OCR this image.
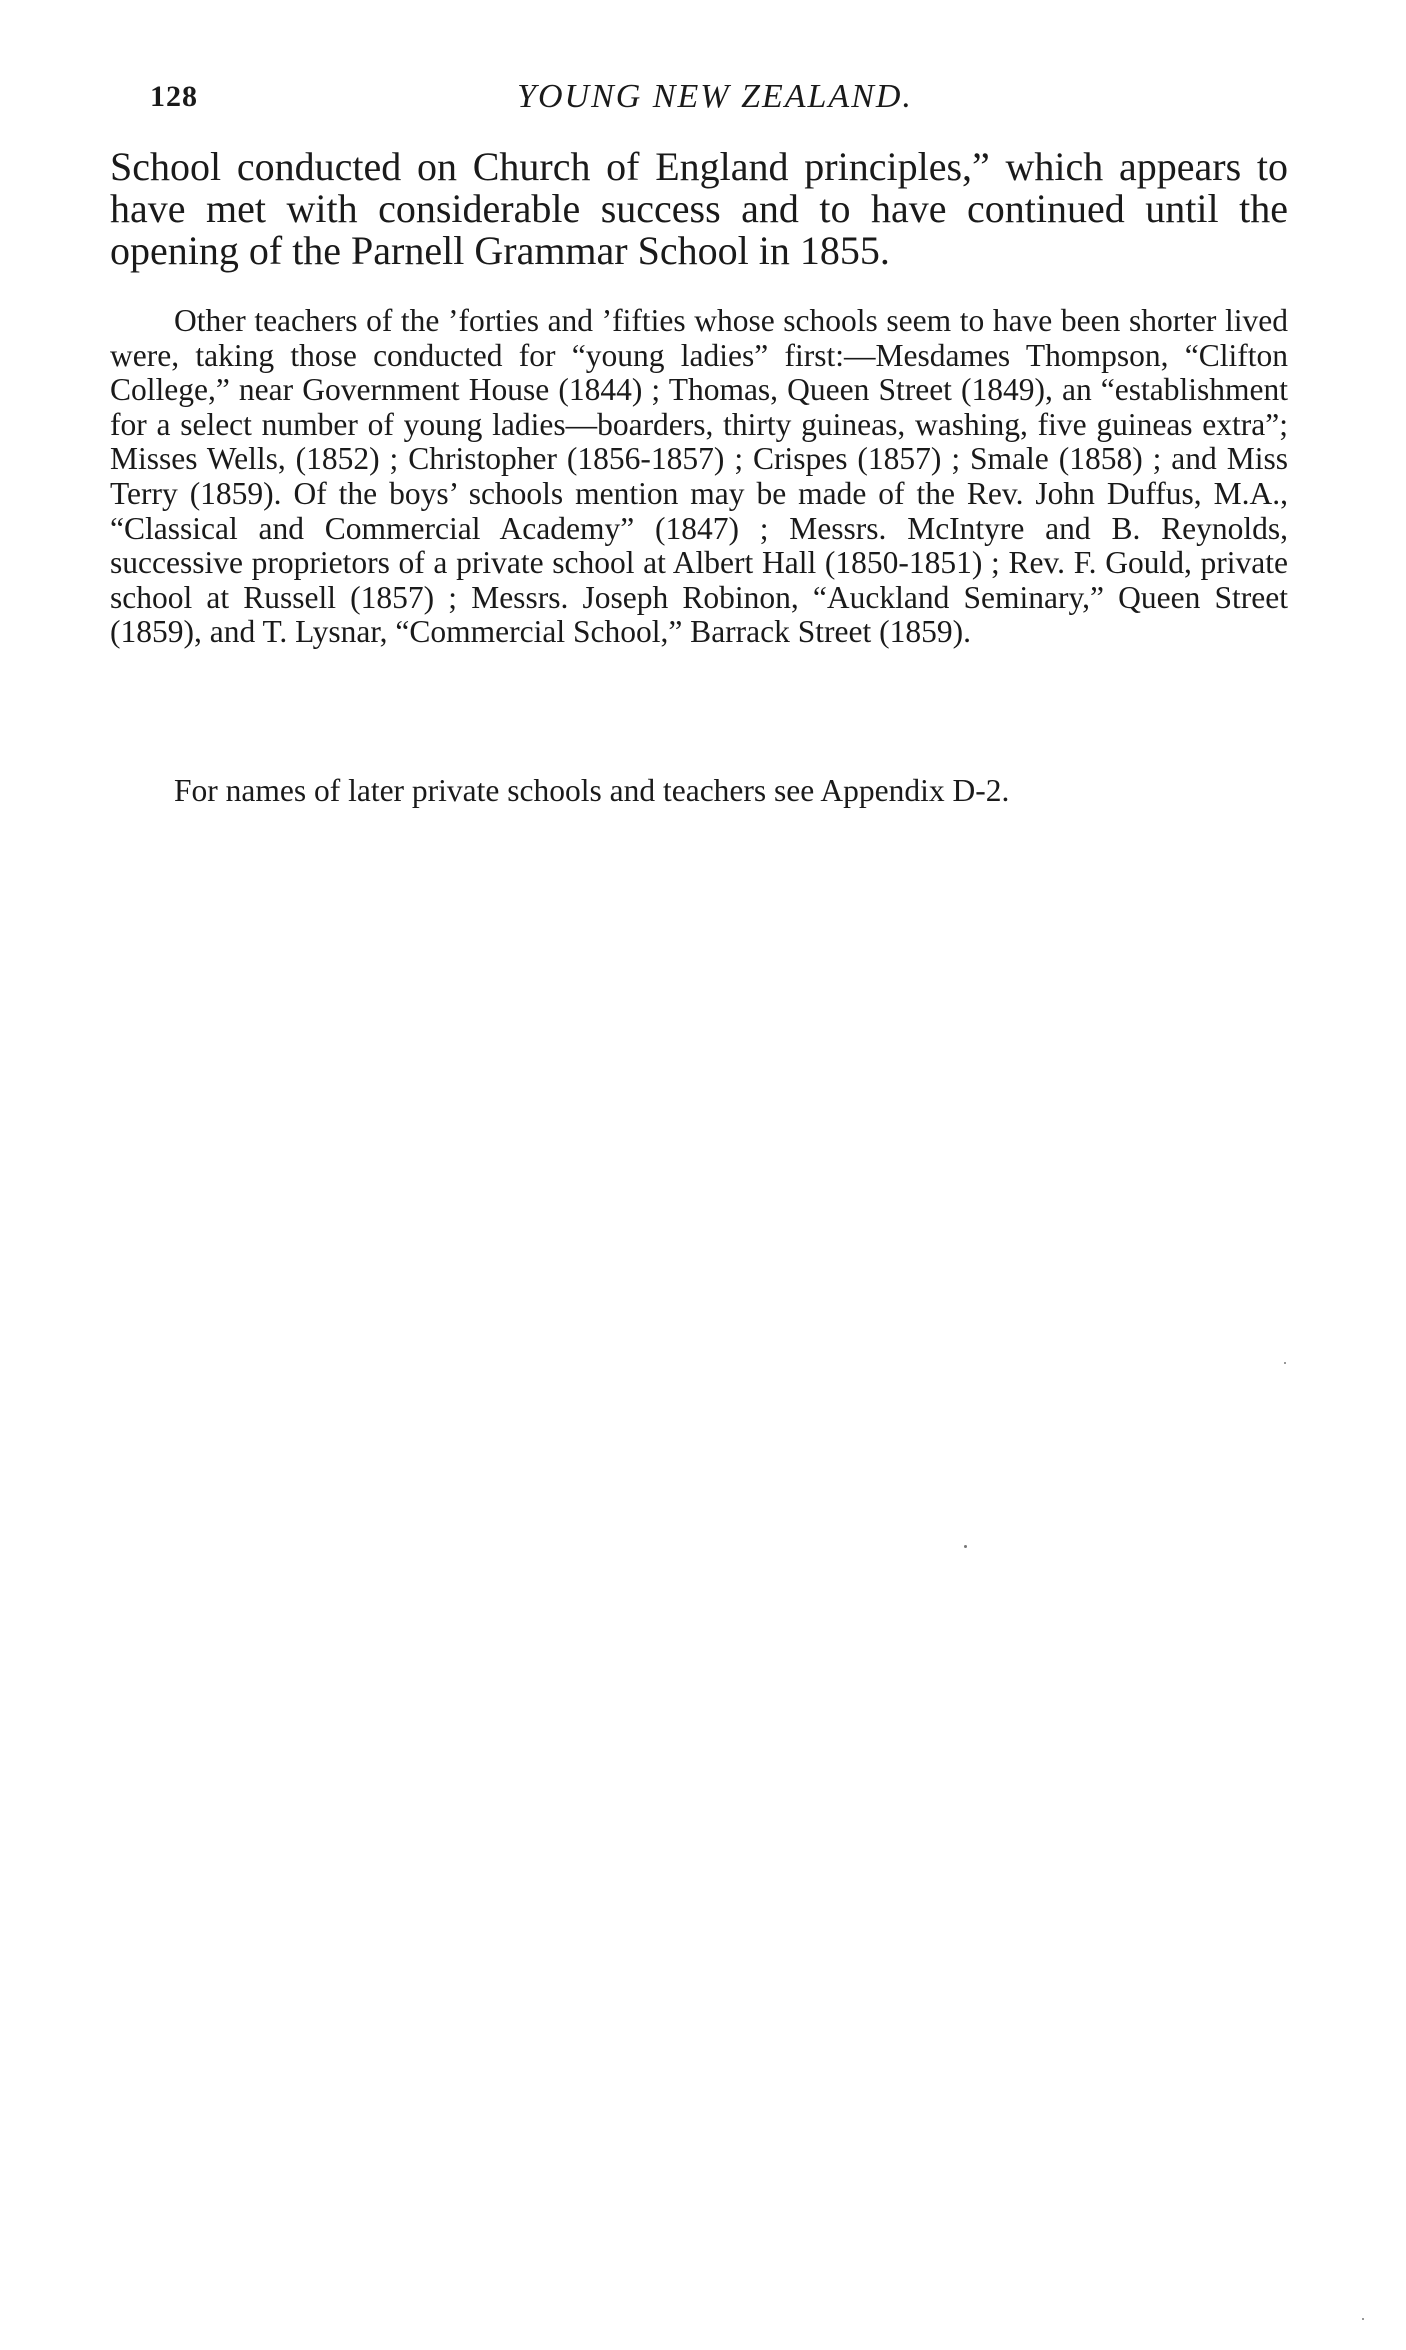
128	YOUNG NEW ZEALAND.

School conducted on Church of England principles,” which appears to have met with considerable success and to have continued until the opening of the Parnell Grammar School in 1855.

Other teachers of the ’forties and ’fifties whose schools seem to have been shorter lived were, taking those conducted for “young ladies” first:—Mesdames Thompson, “Clifton College,” near Government House (1844) ; Thomas, Queen Street (1849), an “establishment for a select number of young ladies—boarders, thirty guineas, washing, five guineas extra”; Misses Wells, (1852) ; Christopher (1856-1857) ; Crispes (1857) ; Smale (1858) ; and Miss Terry (1859). Of the boys’ schools mention may be made of the Rev. John Duffus, M.A., “Classical and Commercial Academy” (1847) ; Messrs. McIntyre and B. Reynolds, successive proprietors of a private school at Albert Hall (1850-1851) ; Rev. F. Gould, private school at Russell (1857) ; Messrs. Joseph Robinon, “Auckland Seminary,” Queen Street (1859), and T. Lysnar, “Commercial School,” Barrack Street (1859).

For names of later private schools and teachers see Appendix D-2.
